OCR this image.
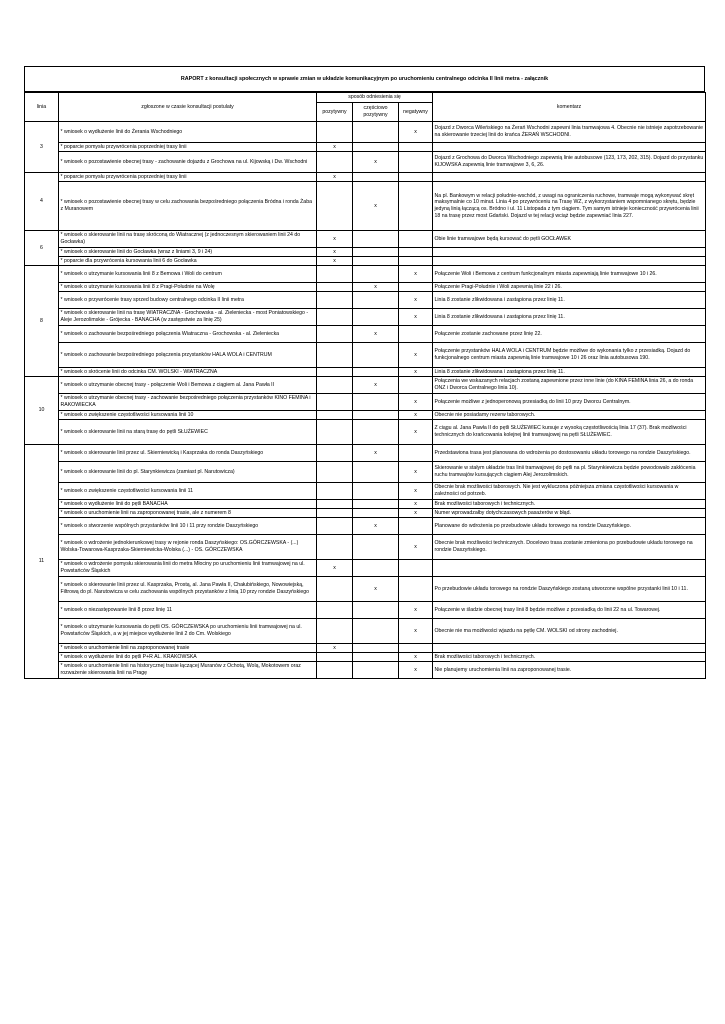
RAPORT z konsultacji społecznych w sprawie zmian w układzie komunikacyjnym po uruchomieniu centralnego odcinka II linii metra - załącznik
linia	zgłoszone w czasie konsultacji postulaty	sposób odniesienia się			komentarz
		pozytywny	częściowo pozytywny	negatywny	
3	* wniosek o wydłużenie linii do Żerania Wschodniego			x	Dojazd z Dworca Wileńskiego na Żerań Wschodni zapewni linia tramwajowa 4. Obecnie nie istnieje zapotrzebowanie na skierowanie trzeciej linii do krańca ŻERAŃ WSCHODNI.
	* poparcie pomysłu przywrócenia poprzedniej trasy linii	x			
	* wniosek o pozostawienie obecnej trasy - zachowanie dojazdu z Grochowa na ul. Kijowską i Dw. Wschodni		x		Dojazd z Grochowa do Dworca Wschodniego zapewnią linie autobusowe (123, 173, 202, 315). Dojazd do przystanku KIJOWSKA zapewnią linie tramwajowe 3, 6, 26.
4	* poparcie pomysłu przywrócenia poprzedniej trasy linii	x			
	* wniosek o pozostawienie obecnej trasy w celu zachowania bezpośredniego połączenia Bródna i ronda Żaba z Muranowem		x		Na pl. Bankowym w relacji południe-wschód, z uwagi na ograniczenia ruchowe, tramwaje mogą wykonywać skręt maksymalnie co 10 minut. Linia 4 po przywróceniu na Trasę WZ, z wykorzystaniem wspomnianego skrętu, będzie jedyną linią łączącą os. Bródno i ul. 11 Listopada z tym ciągiem. Tym samym istnieje konieczność przywrócenia linii 18 na trasę przez most Gdański. Dojazd w tej relacji wciąż będzie zapewniać linia 227.
6	* wniosek o skierowanie linii na trasę skróconą do Wiatracznej (z jednoczesnym skierowaniem linii 24 do Gocławka)	x			Obie linie tramwajowe będą kursować do pętli GOCŁAWEK
	* wniosek o skierowanie linii do Gocławka (wraz z liniami 3, 9 i 24)	x			
	* poparcie dla przywrócenia kursowania linii 6 do Gocławka	x			
8	* wniosek o utrzymanie kursowania linii 8 z Bemowa i Woli do centrum			x	Połączenie Woli i Bemowa z centrum funkcjonalnym miasta zapewniają linie tramwajowe 10 i 26.
	* wniosek o utrzymanie kursowania linii 8 z Pragi-Południe na Wolę		x		Połączenie Pragi-Południe i Woli zapewnią linie 22 i 26.
	* wniosek o przywrócenie trasy sprzed budowy centralnego odcinka II linii metra			x	Linia 8 zostanie zlikwidowana i zastąpiona przez linię 11.
	* wniosek o skierowanie linii na trasę WIATRACZNA - Grochowska - al. Zieleniecka - most Poniatowskiego - Aleje Jerozolimskie - Grójecka - BANACHA (w zastępstwie za linię 25)			x	Linia 8 zostanie zlikwidowana i zastąpiona przez linię 11.
	* wniosek o zachowanie bezpośredniego połączenia Wiatraczna - Grochowska - al. Zieleniecka		x		Połączenie zostanie zachowane przez linię 22.
	* wniosek o zachowanie bezpośredniego połączenia przystanków HALA WOLA i CENTRUM			x	Połączenie przystanków HALA WOLA i CENTRUM będzie możliwe do wykonania tylko z przesiadką. Dojazd do funkcjonalnego centrum miasta zapewnią linie tramwajowe 10 i 26 oraz linia autobusowa 190.
	* wniosek o skrócenie linii do odcinka CM. WOLSKI - WIATRACZNA			x	Linia 8 zostanie zlikwidowana i zastąpiona przez linię 11.
10	* wniosek o utrzymanie obecnej trasy - połączenie Woli i Bemowa z ciągiem al. Jana Pawła II		x		Połączenia we wskazanych relacjach zostaną zapewnione przez inne linie (do KINA FEMINA linia 26, a do ronda ONZ i Dworca Centralnego linia 10).
	* wniosek o utrzymanie obecnej trasy - zachowanie bezpośredniego połączenia przystanków KINO FEMINA i RAKOWIECKA			x	Połączenie możliwe z jednoperonową przesiadką do linii 10 przy Dworcu Centralnym.
	* wniosek o zwiększenie częstotliwości kursowania linii 10			x	Obecnie nie posiadamy rezerw taborowych.
	* wniosek o skierowanie linii na starą trasę do pętli SŁUŻEWIEC			x	Z ciągu al. Jana Pawła II do pętli SŁUŻEWIEC kursuje z wysoką częstotliwością linia 17 (37). Brak możliwości technicznych do krańcowania kolejnej linii tramwajowej na pętli SŁUŻEWIEC.
11	* wniosek o skierowanie linii przez ul. Skierniewicką i Kasprzaka do ronda Daszyńskiego		x		Przedstawiona trasa jest planowana do wdrożenia po dostosowaniu układu torowego na rondzie Daszyńskiego.
	* wniosek o skierowanie linii do pl. Starynkiewicza (zamiast pl. Narutowicza)			x	Skierowanie w stałym układzie tras linii tramwajowej do pętli na pl. Starynkiewicza będzie powodowało zakłócenia ruchu tramwajów kursujących ciągiem Alej Jerozolimskich.
	* wniosek o zwiększenie częstotliwości kursowania linii 11			x	Obecnie brak możliwości taborowych. Nie jest wykluczona późniejsza zmiana częstotliwości kursowania w zależności od potrzeb.
	* wniosek o wydłużenie linii do pętli BANACHA			x	Brak możliwości taborowych i technicznych.
	* wniosek o uruchomienie linii na zaproponowanej trasie, ale z numerem 8			x	Numer wprowadzałby dotychczasowych pasażerów w błąd.
	* wniosek o stworzenie wspólnych przystanków linii 10 i 11 przy rondzie Daszyńskiego		x		Planowane do wdrożenia po przebudowie układu torowego na rondzie Daszyńskiego.
	* wniosek o wdrożenie jednokierunkowej trasy w rejonie ronda Daszyńskiego: OS.GÓRCZEWSKA - (...) Wolska-Towarowa-Kasprzaka-Skierniewicka-Wolska (...) - OS. GÓRCZEWSKA			x	Obecnie brak możliwości technicznych. Docelowo trasa zostanie zmieniona po przebudowie układu torowego na rondzie Daszyńskiego.
	* wniosek o wdrożenie pomysłu skierowania linii do metra Młociny po uruchomieniu linii tramwajowej na ul. Powstańców Śląskich	x			
	* wniosek o skierowanie linii przez ul. Kasprzaka, Prostą, al. Jana Pawła II, Chałubińskiego, Nowowiejską, Filtrową do pl. Narutowicza w celu zachowania wspólnych przystanków z linią 10 przy rondzie Daszyńskiego		x		Po przebudowie układu torowego na rondzie Daszyńskiego zostaną utworzone wspólne przystanki linii 10 i 11.
	* wniosek o niezastępowanie linii 8 przez linię 11			x	Połączenie w śladzie obecnej trasy linii 8 będzie możliwe z przesiadką do linii 22 na ul. Towarowej.
	* wniosek o utrzymanie kursowania do pętli OS. GÓRCZEWSKA po uruchomieniu linii tramwajowej na ul. Powstańców Śląskich, a w jej miejsce wydłużenie linii 2 do Cm. Wolskiego			x	Obecnie nie ma możliwości wjazdu na pętlę CM. WOLSKI od strony zachodniej.
	* wniosek o uruchomienie linii na zaproponowanej trasie	x			
	* wniosek o wydłużenie linii do pętli P+R AL. KRAKOWSKA			x	Brak możliwości taborowych i technicznych.
	* wniosek o uruchomienie linii na historycznej trasie łączącej Muranów z Ochotą, Wolą, Mokotowem oraz rozważenie skierowania linii na Pragę			x	Nie planujemy uruchomienia linii na zaproponowanej trasie.
